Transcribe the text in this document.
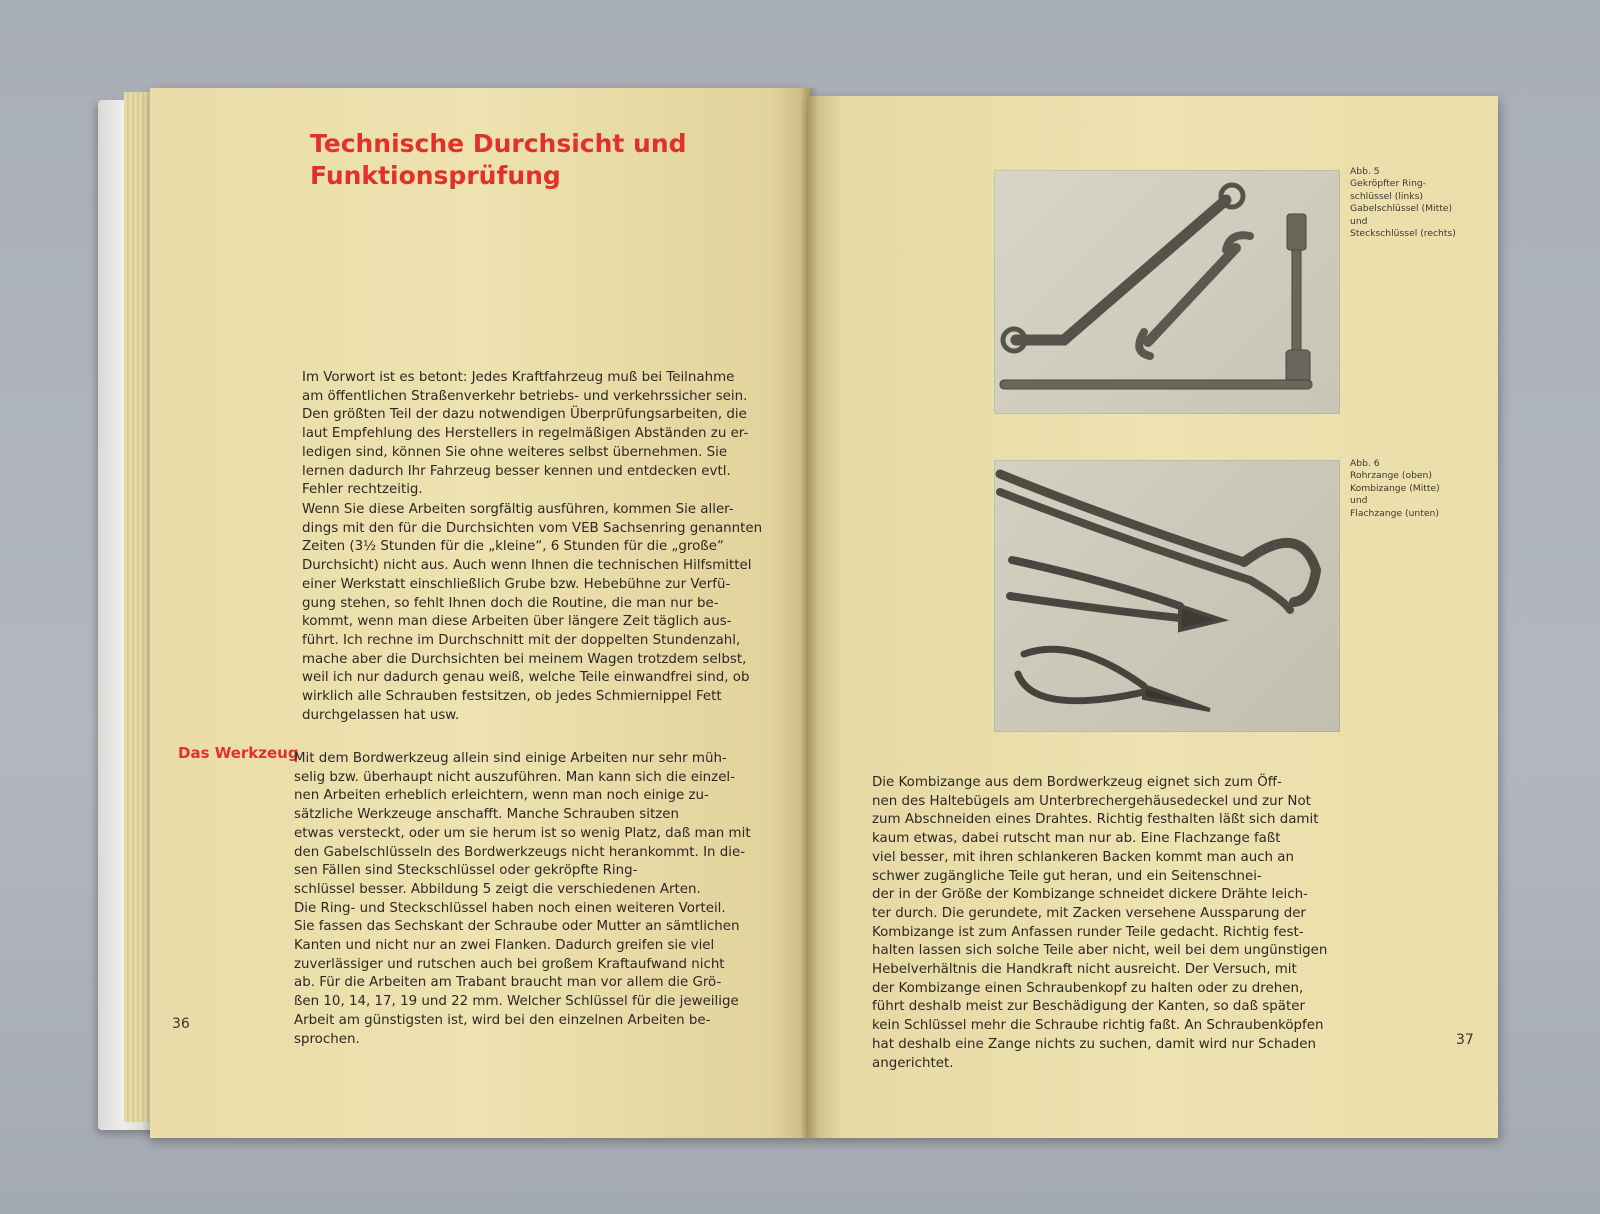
Technische Durchsicht und
Funktionsprüfung
Im Vorwort ist es betont: Jedes Kraftfahrzeug muß bei Teilnahme
am öffentlichen Straßenverkehr betriebs- und verkehrssicher sein.
Den größten Teil der dazu notwendigen Überprüfungsarbeiten, die
laut Empfehlung des Herstellers in regelmäßigen Abständen zu er-
ledigen sind, können Sie ohne weiteres selbst übernehmen. Sie
lernen dadurch Ihr Fahrzeug besser kennen und entdecken evtl.
Fehler rechtzeitig.
Wenn Sie diese Arbeiten sorgfältig ausführen, kommen Sie aller-
dings mit den für die Durchsichten vom VEB Sachsenring genannten
Zeiten (3½ Stunden für die „kleine“, 6 Stunden für die „große“
Durchsicht) nicht aus. Auch wenn Ihnen die technischen Hilfsmittel
einer Werkstatt einschließlich Grube bzw. Hebebühne zur Verfü-
gung stehen, so fehlt Ihnen doch die Routine, die man nur be-
kommt, wenn man diese Arbeiten über längere Zeit täglich aus-
führt. Ich rechne im Durchschnitt mit der doppelten Stundenzahl,
mache aber die Durchsichten bei meinem Wagen trotzdem selbst,
weil ich nur dadurch genau weiß, welche Teile einwandfrei sind, ob
wirklich alle Schrauben festsitzen, ob jedes Schmiernippel Fett
durchgelassen hat usw.
Das Werkzeug
Mit dem Bordwerkzeug allein sind einige Arbeiten nur sehr müh-
selig bzw. überhaupt nicht auszuführen. Man kann sich die einzel-
nen Arbeiten erheblich erleichtern, wenn man noch einige zu-
sätzliche Werkzeuge anschafft. Manche Schrauben sitzen
etwas versteckt, oder um sie herum ist so wenig Platz, daß man mit
den Gabelschlüsseln des Bordwerkzeugs nicht herankommt. In die-
sen Fällen sind Steckschlüssel oder gekröpfte Ring-
schlüssel besser. Abbildung 5 zeigt die verschiedenen Arten.
Die Ring- und Steckschlüssel haben noch einen weiteren Vorteil.
Sie fassen das Sechskant der Schraube oder Mutter an sämtlichen
Kanten und nicht nur an zwei Flanken. Dadurch greifen sie viel
zuverlässiger und rutschen auch bei großem Kraftaufwand nicht
ab. Für die Arbeiten am Trabant braucht man vor allem die Grö-
ßen 10, 14, 17, 19 und 22 mm. Welcher Schlüssel für die jeweilige
Arbeit am günstigsten ist, wird bei den einzelnen Arbeiten be-
sprochen.
36
Abb. 5
Gekröpfter Ring-
schlüssel (links)
Gabelschlüssel (Mitte)
und
Steckschlüssel (rechts)
Abb. 6
Rohrzange (oben)
Kombizange (Mitte)
und
Flachzange (unten)
Die Kombizange aus dem Bordwerkzeug eignet sich zum Öff-
nen des Haltebügels am Unterbrechergehäusedeckel und zur Not
zum Abschneiden eines Drahtes. Richtig festhalten läßt sich damit
kaum etwas, dabei rutscht man nur ab. Eine Flachzange faßt
viel besser, mit ihren schlankeren Backen kommt man auch an
schwer zugängliche Teile gut heran, und ein Seitenschnei-
der in der Größe der Kombizange schneidet dickere Drähte leich-
ter durch. Die gerundete, mit Zacken versehene Aussparung der
Kombizange ist zum Anfassen runder Teile gedacht. Richtig fest-
halten lassen sich solche Teile aber nicht, weil bei dem ungünstigen
Hebelverhältnis die Handkraft nicht ausreicht. Der Versuch, mit
der Kombizange einen Schraubenkopf zu halten oder zu drehen,
führt deshalb meist zur Beschädigung der Kanten, so daß später
kein Schlüssel mehr die Schraube richtig faßt. An Schraubenköpfen
hat deshalb eine Zange nichts zu suchen, damit wird nur Schaden
angerichtet.
37
